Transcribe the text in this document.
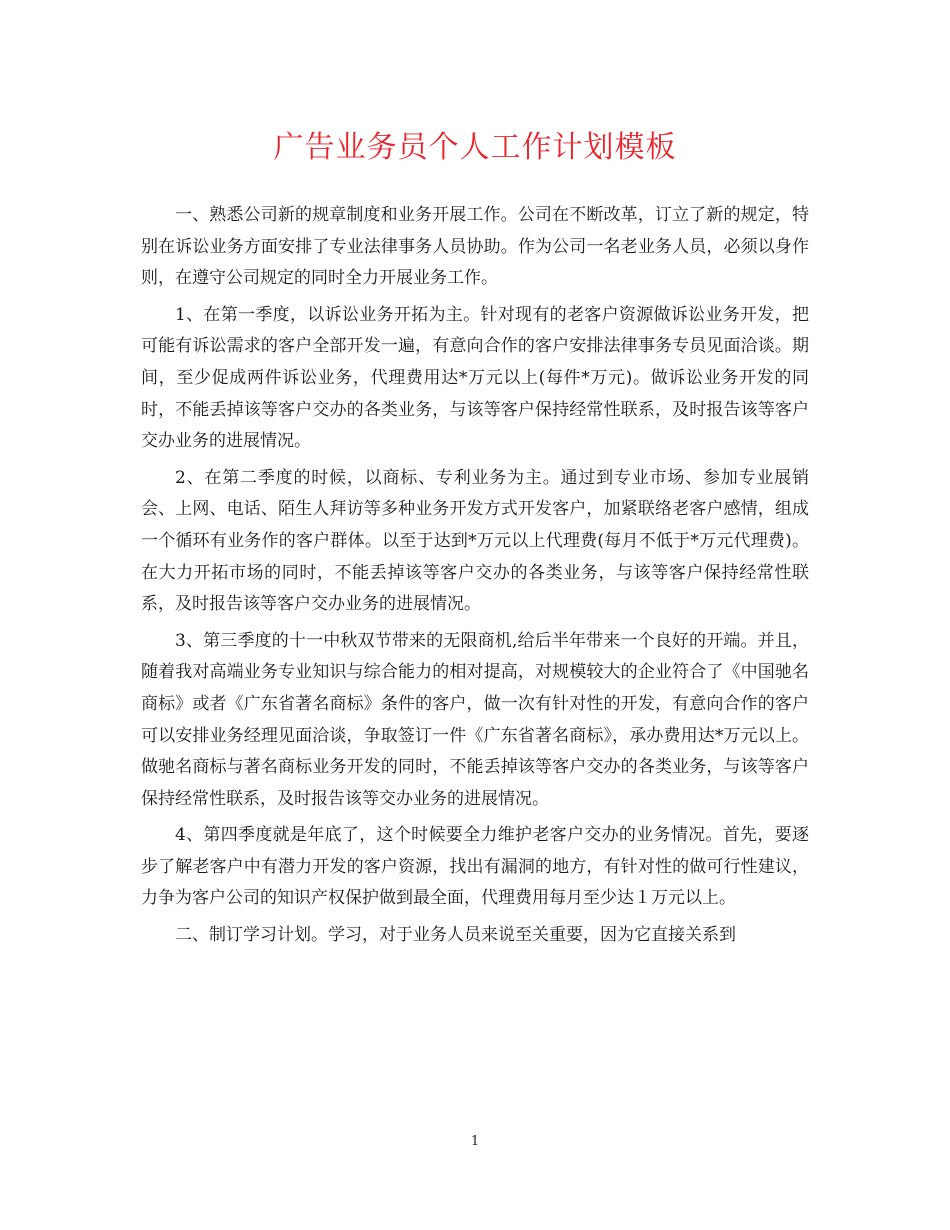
广告业务员个人工作计划模板

一、熟悉公司新的规章制度和业务开展工作。公司在不断改革，订立了新的规定，特别在诉讼业务方面安排了专业法律事务人员协助。作为公司一名老业务人员，必须以身作则，在遵守公司规定的同时全力开展业务工作。

1、在第一季度，以诉讼业务开拓为主。针对现有的老客户资源做诉讼业务开发，把可能有诉讼需求的客户全部开发一遍，有意向合作的客户安排法律事务专员见面洽谈。期间，至少促成两件诉讼业务，代理费用达*万元以上(每件*万元)。做诉讼业务开发的同时，不能丢掉该等客户交办的各类业务，与该等客户保持经常性联系，及时报告该等客户交办业务的进展情况。

2、在第二季度的时候，以商标、专利业务为主。通过到专业市场、参加专业展销会、上网、电话、陌生人拜访等多种业务开发方式开发客户，加紧联络老客户感情，组成一个循环有业务作的客户群体。以至于达到*万元以上代理费(每月不低于*万元代理费)。在大力开拓市场的同时，不能丢掉该等客户交办的各类业务，与该等客户保持经常性联系，及时报告该等客户交办业务的进展情况。

3、第三季度的十一中秋双节带来的无限商机,给后半年带来一个良好的开端。并且，随着我对高端业务专业知识与综合能力的相对提高，对规模较大的企业符合了《中国驰名商标》或者《广东省著名商标》条件的客户，做一次有针对性的开发，有意向合作的客户可以安排业务经理见面洽谈，争取签订一件《广东省著名商标》，承办费用达*万元以上。做驰名商标与著名商标业务开发的同时，不能丢掉该等客户交办的各类业务，与该等客户保持经常性联系，及时报告该等交办业务的进展情况。

4、第四季度就是年底了，这个时候要全力维护老客户交办的业务情况。首先，要逐步了解老客户中有潜力开发的客户资源，找出有漏洞的地方，有针对性的做可行性建议，力争为客户公司的知识产权保护做到最全面，代理费用每月至少达１万元以上。

二、制订学习计划。学习，对于业务人员来说至关重要，因为它直接关系到

1
